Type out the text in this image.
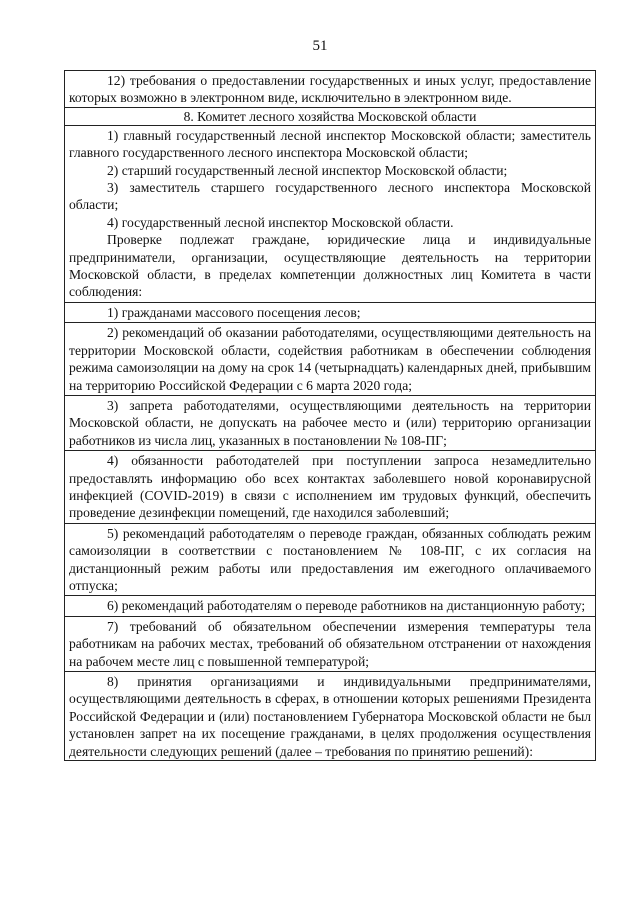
51

12) требования о предоставлении государственных и иных услуг, предоставление которых возможно в электронном виде, исключительно в электронном виде.

8. Комитет лесного хозяйства Московской области

1) главный государственный лесной инспектор Московской области; заместитель главного государственного лесного инспектора Московской области;

2) старший государственный лесной инспектор Московской области;

3) заместитель старшего государственного лесного инспектора Московской области;

4) государственный лесной инспектор Московской области.

Проверке подлежат граждане, юридические лица и индивидуальные предприниматели, организации, осуществляющие деятельность на территории Московской области, в пределах компетенции должностных лиц Комитета в части соблюдения:

1) гражданами массового посещения лесов;

2) рекомендаций об оказании работодателями, осуществляющими деятельность на территории Московской области, содействия работникам в обеспечении соблюдения режима самоизоляции на дому на срок 14 (четырнадцать) календарных дней, прибывшим на территорию Российской Федерации с 6 марта 2020 года;

3) запрета работодателями, осуществляющими деятельность на территории Московской области, не допускать на рабочее место и (или) территорию организации работников из числа лиц, указанных в постановлении № 108-ПГ;

4) обязанности работодателей при поступлении запроса незамедлительно предоставлять информацию обо всех контактах заболевшего новой коронавирусной инфекцией (COVID-2019) в связи с исполнением им трудовых функций, обеспечить проведение дезинфекции помещений, где находился заболевший;

5) рекомендаций работодателям о переводе граждан, обязанных соблюдать режим самоизоляции в соответствии с постановлением № 108-ПГ, с их согласия на дистанционный режим работы или предоставления им ежегодного оплачиваемого отпуска;

6) рекомендаций работодателям о переводе работников на дистанционную работу;

7) требований об обязательном обеспечении измерения температуры тела работникам на рабочих местах, требований об обязательном отстранении от нахождения на рабочем месте лиц с повышенной температурой;

8) принятия организациями и индивидуальными предпринимателями, осуществляющими деятельность в сферах, в отношении которых решениями Президента Российской Федерации и (или) постановлением Губернатора Московской области не был установлен запрет на их посещение гражданами, в целях продолжения осуществления деятельности следующих решений (далее – требования по принятию решений):
